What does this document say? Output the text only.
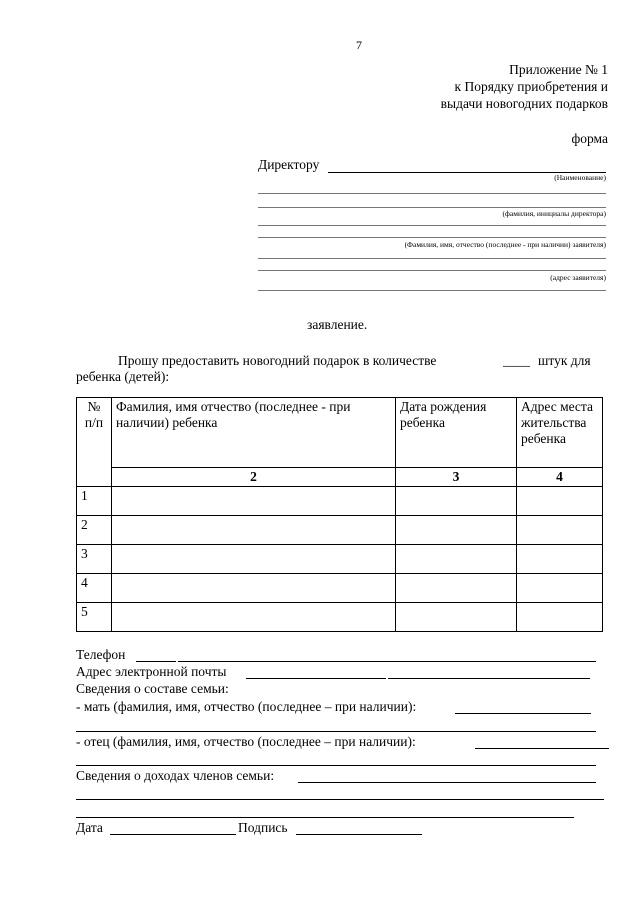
7
Приложение № 1
к Порядку приобретения и
выдачи новогодних подарков
форма
Директору
(Наименование)
(фамилия, инициалы директора)
(Фамилия, имя, отчество (последнее - при наличии) заявителя)
(адрес заявителя)
заявление.
Прошу предоставить новогодний подарок в количестве	____ штук для
ребенка (детей):
№ п/п	Фамилия, имя отчество (последнее - при наличии) ребенка	Дата рождения ребенка	Адрес места жительства ребенка
	2	3	4
1			
2			
3			
4			
5			
Телефон
Адрес электронной почты
Сведения о составе семьи:
- мать (фамилия, имя, отчество (последнее – при наличии):
- отец (фамилия, имя, отчество (последнее – при наличии):
Сведения о доходах членов семьи:
Дата	Подпись
